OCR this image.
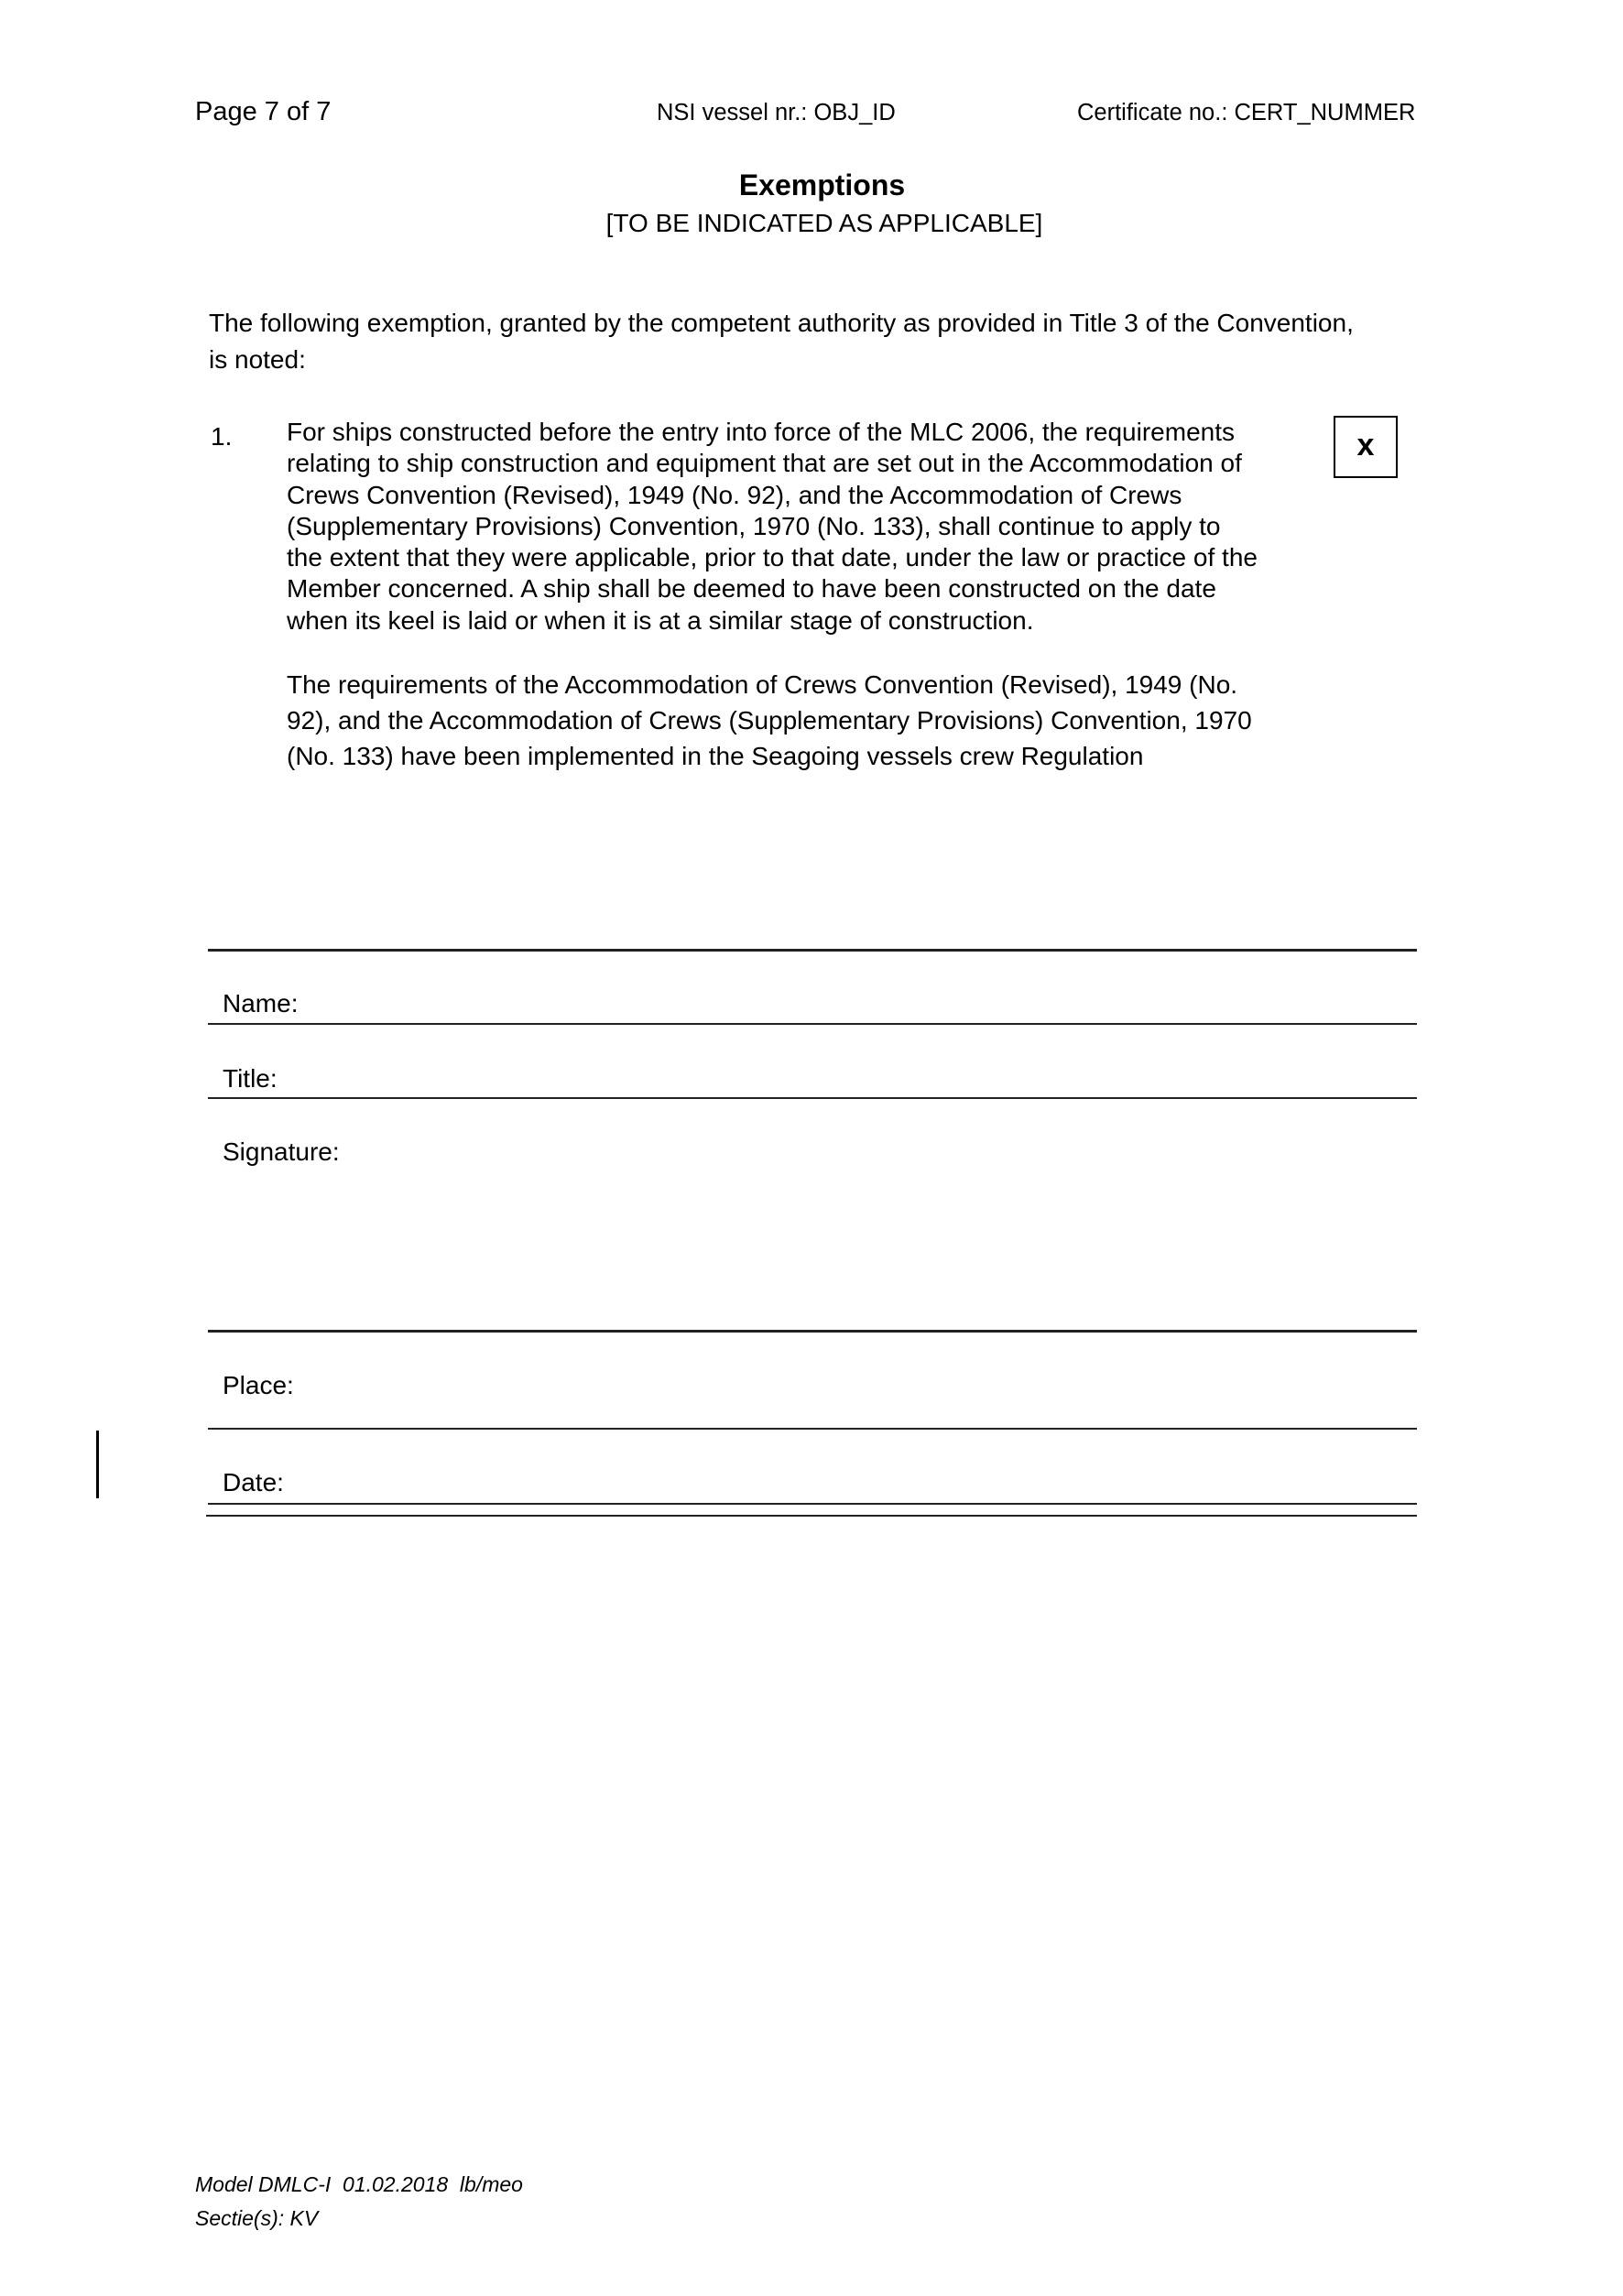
Page 7 of 7	NSI vessel nr.: OBJ_ID	Certificate no.: CERT_NUMMER
Exemptions
[TO BE INDICATED AS APPLICABLE]
The following exemption, granted by the competent authority as provided in Title 3 of the Convention,
is noted:
1. For ships constructed before the entry into force of the MLC 2006, the requirements
relating to ship construction and equipment that are set out in the Accommodation of
Crews Convention (Revised), 1949 (No. 92), and the Accommodation of Crews
(Supplementary Provisions) Convention, 1970 (No. 133), shall continue to apply to
the extent that they were applicable, prior to that date, under the law or practice of the
Member concerned. A ship shall be deemed to have been constructed on the date
when its keel is laid or when it is at a similar stage of construction.
The requirements of the Accommodation of Crews Convention (Revised), 1949 (No.
92), and the Accommodation of Crews (Supplementary Provisions) Convention, 1970
(No. 133) have been implemented in the Seagoing vessels crew Regulation
x
Name:
Title:
Signature:
Place:
Date:
Model DMLC-I  01.02.2018  lb/meo
Sectie(s): KV
